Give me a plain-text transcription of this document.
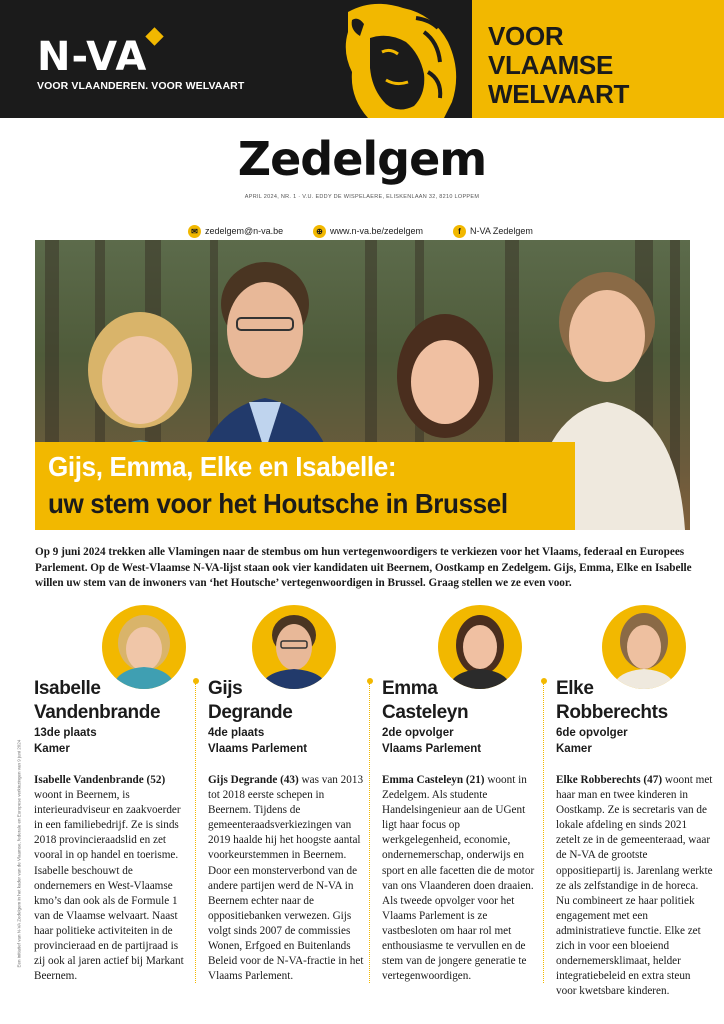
N-VA
VOOR VLAANDEREN. VOOR WELVAART
VOOR
VLAAMSE
WELVAART
Zedelgem
APRIL 2024, NR. 1 · V.U. EDDY DE WISPELAERE, ELISKENLAAN 32, 8210 LOPPEM
✉ zedelgem@n-va.be	⊕ www.n-va.be/zedelgem	f	N-VA Zedelgem
Gijs, Emma, Elke en Isabelle:
uw stem voor het Houtsche in Brussel

Op 9 juni 2024 trekken alle Vlamingen naar de stembus om hun vertegenwoordigers te verkiezen voor het Vlaams, federaal en Europees Parlement. Op de West-Vlaamse N-VA-lijst staan ook vier kandidaten uit Beernem, Oostkamp en Zedelgem. Gijs, Emma, Elke en Isabelle willen uw stem van de inwoners van ‘het Houtsche’ vertegenwoordigen in Brussel. Graag stellen we ze even voor.

Een initiatief van N-VA Zedelgem in het kader van de Vlaamse, federale en Europese verkiezingen van 9 juni 2024
Isabelle
Vandenbrande
13de plaats
Kamer

Isabelle Vandenbrande (52) woont in Beernem, is interieuradviseur en zaakvoerder in een familiebedrijf. Ze is sinds 2018 provincieraadslid en zet vooral in op handel en toerisme. Isabelle beschouwt de ondernemers en West-Vlaamse kmo’s dan ook als de Formule 1 van de Vlaamse welvaart. Naast haar politieke activiteiten in de provincieraad en de partijraad is zij ook al jaren actief bij Markant Beernem.

Gijs
Degrande
4de plaats
Vlaams Parlement

Gijs Degrande (43) was van 2013 tot 2018 eerste schepen in Beernem. Tijdens de gemeenteraadsverkiezingen van 2019 haalde hij het hoogste aantal voorkeurstemmen in Beernem. Door een monsterverbond van de andere partijen werd de N-VA in Beernem echter naar de oppositiebanken verwezen. Gijs volgt sinds 2007 de commissies Wonen, Erfgoed en Buitenlands Beleid voor de N-VA-fractie in het Vlaams Parlement.

Emma
Casteleyn
2de opvolger
Vlaams Parlement

Emma Casteleyn (21) woont in Zedelgem. Als studente Handelsingenieur aan de UGent ligt haar focus op werkgelegenheid, economie, ondernemerschap, onderwijs en sport en alle facetten die de motor van ons Vlaanderen doen draaien. Als tweede opvolger voor het Vlaams Parlement is ze vastbesloten om haar rol met enthousiasme te vervullen en de stem van de jongere generatie te vertegenwoordigen.

Elke
Robberechts
6de opvolger
Kamer

Elke Robberechts (47) woont met haar man en twee kinderen in Oostkamp. Ze is secretaris van de lokale afdeling en sinds 2021 zetelt ze in de gemeenteraad, waar de N-VA de grootste oppositiepartij is. Jarenlang werkte ze als zelfstandige in de horeca. Nu combineert ze haar politiek engagement met een administratieve functie. Elke zet zich in voor een bloeiend ondernemersklimaat, helder integratiebeleid en extra steun voor kwetsbare kinderen.
